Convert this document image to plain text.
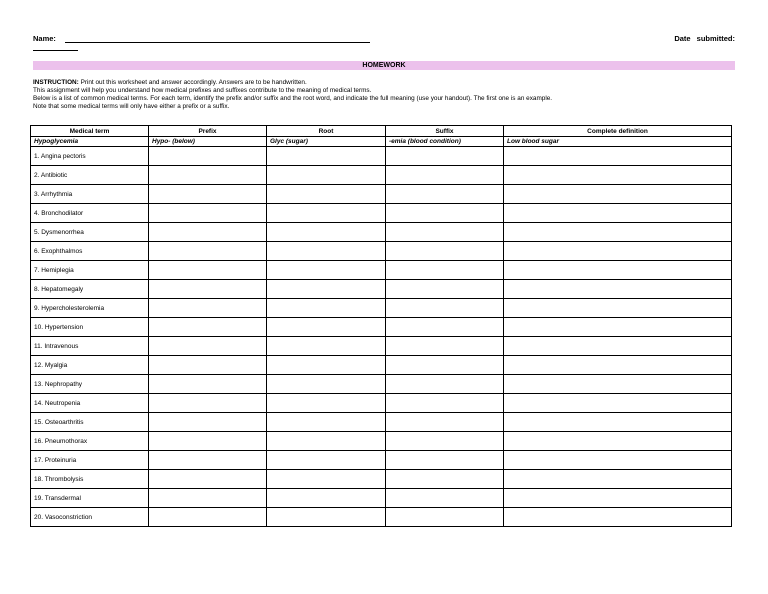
Name:	Date submitted:
HOMEWORK

INSTRUCTION: Print out this worksheet and answer accordingly. Answers are to be handwritten.

This assignment will help you understand how medical prefixes and suffixes contribute to the meaning of medical terms.

Below is a list of common medical terms. For each term, identify the prefix and/or suffix and the root word, and indicate the full meaning (use your handout). The first one is an example.

Note that some medical terms will only have either a prefix or a suffix.

Medical term	Prefix	Root	Suffix	Complete definition
Hypoglycemia	Hypo- (below)	Glyc (sugar)	-emia (blood condition)	Low blood sugar
1. Angina pectoris				
2. Antibiotic				
3. Arrhythmia				
4. Bronchodilator				
5. Dysmenorrhea				
6. Exophthalmos				
7. Hemiplegia				
8. Hepatomegaly				
9. Hypercholesterolemia				
10. Hypertension				
11. Intravenous				
12. Myalgia				
13. Nephropathy				
14. Neutropenia				
15. Osteoarthritis				
16. Pneumothorax				
17. Proteinuria				
18. Thrombolysis				
19. Transdermal				
20. Vasoconstriction				
